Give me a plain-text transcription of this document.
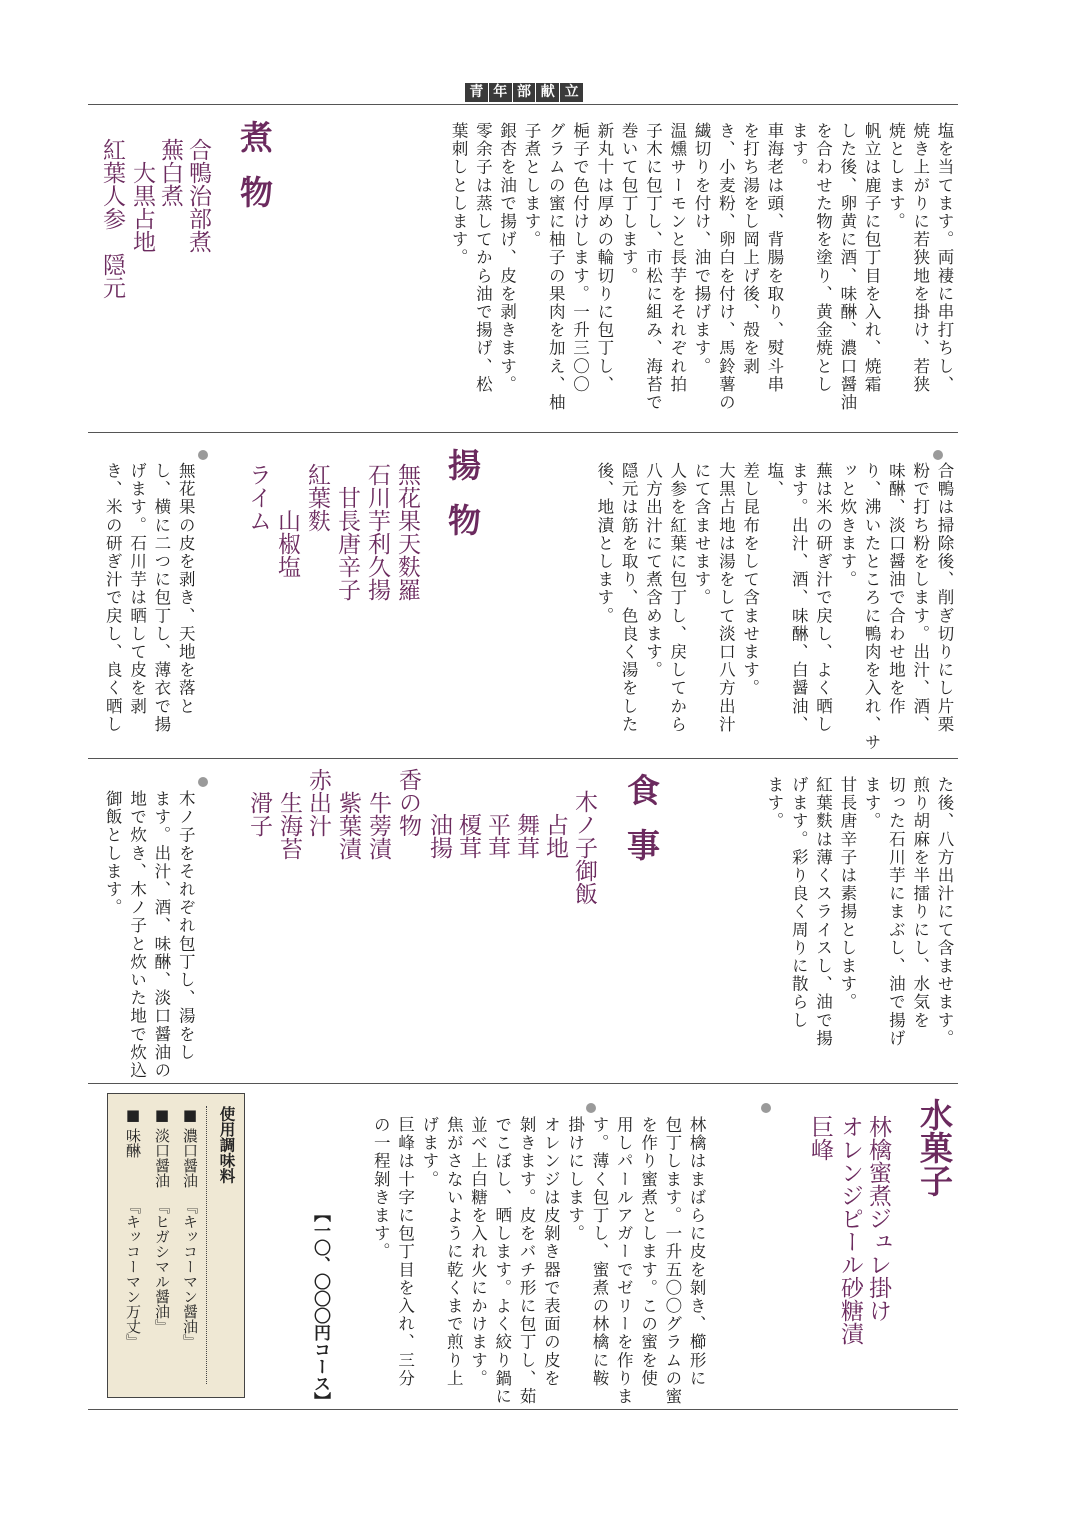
青 年 部 献 立
塩を当てます。両褄に串打ちし、
焼き上がりに若狭地を掛け、若狭
焼とします。
帆立は鹿子に包丁目を入れ、焼霜
した後、卵黄に酒、味醂、濃口醤油
を合わせた物を塗り、黄金焼とし
ます。
車海老は頭、背腸を取り、熨斗串
を打ち湯をし岡上げ後、殻を剥
き、小麦粉、卵白を付け、馬鈴薯の
繊切りを付け、油で揚げます。
温燻サーモンと長芋をそれぞれ拍
子木に包丁し、市松に組み、海苔で
巻いて包丁します。
新丸十は厚めの輪切りに包丁し、
梔子で色付けします。一升三〇〇
グラムの蜜に柚子の果肉を加え、柚
子煮とします。
銀杏を油で揚げ、皮を剥きます。
零余子は蒸してから油で揚げ、松
葉刺しとします。
煮物
合鴨治部煮
蕪白煮
　大黒占地
紅葉人参　隠元
合鴨は掃除後、削ぎ切りにし片栗
粉で打ち粉をします。出汁、酒、
味醂、淡口醤油で合わせ地を作
り、沸いたところに鴨肉を入れ、サ
ッと炊きます。
蕪は米の研ぎ汁で戻し、よく晒し
ます。出汁、酒、味醂、白醤油、塩、
差し昆布をして含ませます。
大黒占地は湯をして淡口八方出汁
にて含ませます。
人参を紅葉に包丁し、戻してから
八方出汁にて煮含めます。
隠元は筋を取り、色良く湯をした
後、地漬とします。
揚物
無花果天麩羅
石川芋利久揚
　甘長唐辛子
紅葉麩
　　山椒塩
ライム
無花果の皮を剥き、天地を落と
し、横に二つに包丁し、薄衣で揚
げます。石川芋は晒して皮を剥
き、米の研ぎ汁で戻し、良く晒し
た後、八方出汁にて含ませます。
煎り胡麻を半擂りにし、水気を
切った石川芋にまぶし、油で揚げ
ます。
甘長唐辛子は素揚とします。
紅葉麩は薄くスライスし、油で揚
げます。彩り良く周りに散らし
ます。
食事
木ノ子御飯
　占地
　舞茸
　平茸
　榎茸
　油揚
香の物
　牛蒡漬
　紫葉漬
赤出汁
　生海苔
　滑子
木ノ子をそれぞれ包丁し、湯をし
ます。出汁、酒、味醂、淡口醤油の
地で炊き、木ノ子と炊いた地で炊込
御飯とします。
水菓子
林檎蜜煮ジュレ掛け
オレンジピール砂糖漬
巨峰
林檎はまばらに皮を剝き、櫛形に
包丁します。一升五〇〇グラムの蜜
を作り蜜煮とします。この蜜を使
用しパールアガーでゼリーを作りま
す。薄く包丁し、蜜煮の林檎に鞍
掛けにします。
オレンジは皮剝き器で表面の皮を
剝きます。皮をバチ形に包丁し、茹
でこぼし、晒します。よく絞り鍋に
並べ上白糖を入れ火にかけます。
焦がさないように乾くまで煎り上
げます。
巨峰は十字に包丁目を入れ、三分
の一程剝きます。
【一〇、〇〇〇円コース】
使用調味料
■
濃口醤油
『キッコーマン醤油』
■
淡口醤油
『ヒガシマル醤油』
■
味醂
『キッコーマン万丈』
